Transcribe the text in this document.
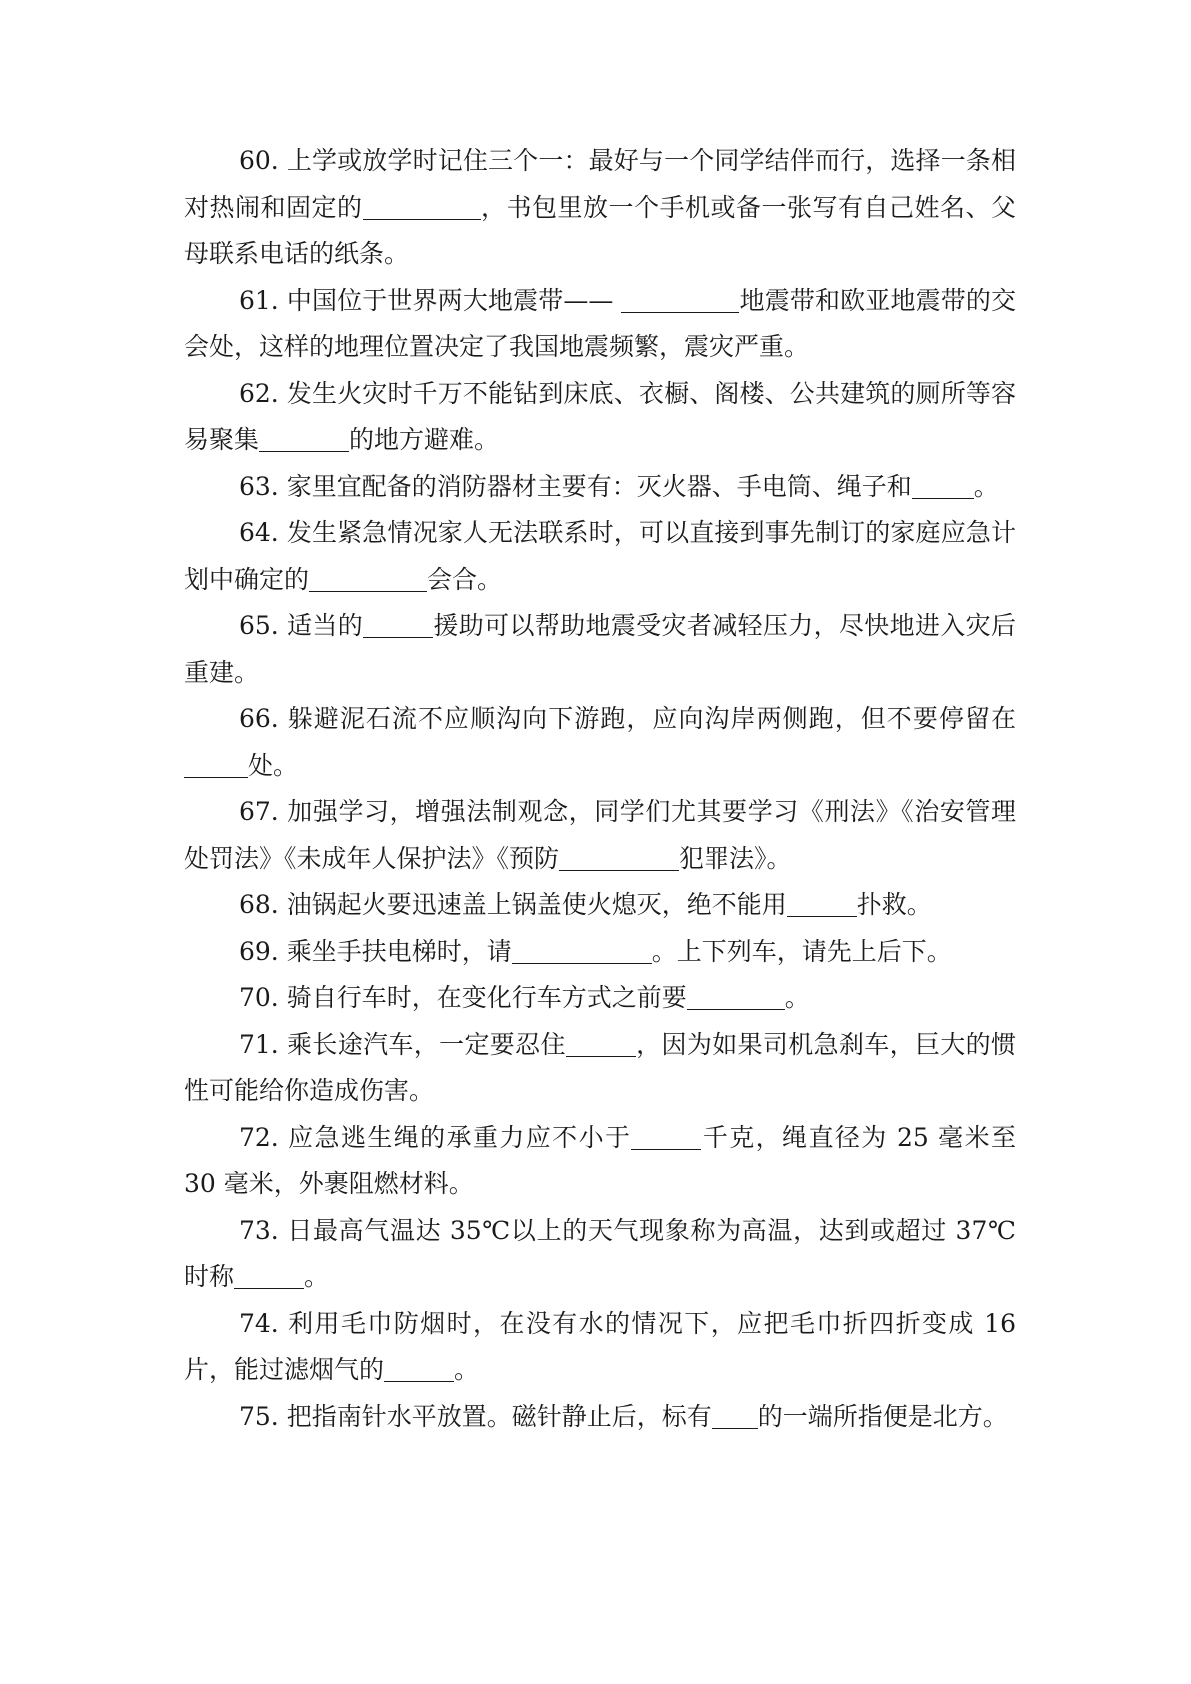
60. 上学或放学时记住三个一：最好与一个同学结伴而行，选择一条相对热闹和固定的	，书包里放一个手机或备一张写有自己姓名、父母联系电话的纸条。

61. 中国位于世界两大地震带——	地震带和欧亚地震带的交会处，这样的地理位置决定了我国地震频繁，震灾严重。

62. 发生火灾时千万不能钻到床底、衣橱、阁楼、公共建筑的厕所等容易聚集	的地方避难。

63. 家里宜配备的消防器材主要有：灭火器、手电筒、绳子和 。

64. 发生紧急情况家人无法联系时，可以直接到事先制订的家庭应急计划中确定的	会合。

65. 适当的	援助可以帮助地震受灾者减轻压力，尽快地进入灾后重建。

66. 躲避泥石流不应顺沟向下游跑，应向沟岸两侧跑，但不要停留在处。

67. 加强学习，增强法制观念，同学们尤其要学习《刑法》《治安管理处罚法》《未成年人保护法》《预防	犯罪法》。

68. 油锅起火要迅速盖上锅盖使火熄灭，绝不能用	扑救。

69. 乘坐手扶电梯时，请	。上下列车，请先上后下。

70. 骑自行车时，在变化行车方式之前要	。

71. 乘长途汽车，一定要忍住	，因为如果司机急刹车，巨大的惯性可能给你造成伤害。

72. 应急逃生绳的承重力应不小于	千克，绳直径为 25 毫米至 30 毫米，外裹阻燃材料。

73. 日最高气温达 35℃以上的天气现象称为高温，达到或超过 37℃时称	。

74. 利用毛巾防烟时，在没有水的情况下，应把毛巾折四折变成 16 片，能过滤烟气的	。

75. 把指南针水平放置。磁针静止后，标有 的一端所指便是北方。
